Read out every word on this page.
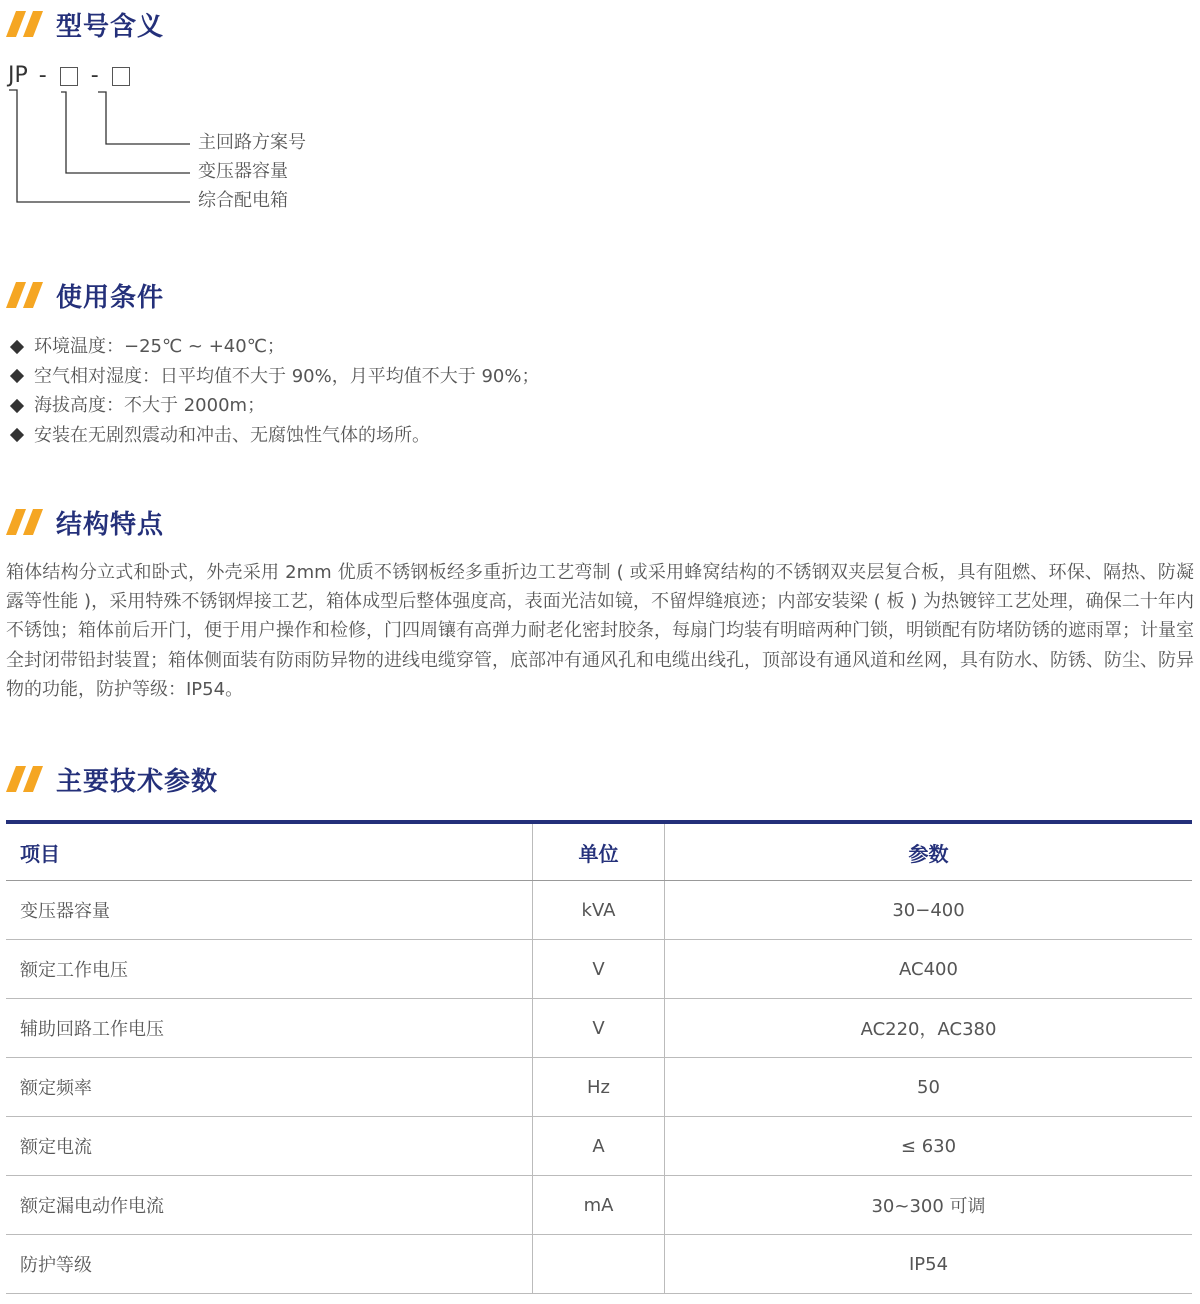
型号含义
JP - -
主回路方案号
变压器容量
综合配电箱
使用条件
环境温度：−25℃ ~ +40℃；
空气相对湿度：日平均值不大于 90%，月平均值不大于 90%；
海拔高度：不大于 2000m；
安装在无剧烈震动和冲击、无腐蚀性气体的场所。
结构特点

箱体结构分立式和卧式，外壳采用 2mm 优质不锈钢板经多重折边工艺弯制 ( 或采用蜂窝结构的不锈钢双夹层复合板，具有阻燃、环保、隔热、防凝露等性能 )，采用特殊不锈钢焊接工艺，箱体成型后整体强度高，表面光洁如镜，不留焊缝痕迹；内部安装梁 ( 板 ) 为热镀锌工艺处理，确保二十年内不锈蚀；箱体前后开门，便于用户操作和检修，门四周镶有高弹力耐老化密封胶条，每扇门均装有明暗两种门锁，明锁配有防堵防锈的遮雨罩；计量室全封闭带铅封装置；箱体侧面装有防雨防异物的进线电缆穿管，底部冲有通风孔和电缆出线孔，顶部设有通风道和丝网，具有防水、防锈、防尘、防异物的功能，防护等级：IP54。

主要技术参数
项目	单位	参数
变压器容量	kVA	30−400
额定工作电压	V	AC400
辅助回路工作电压	V	AC220，AC380
额定频率	Hz	50
额定电流	A	≤ 630
额定漏电动作电流	mA	30~300 可调
防护等级		IP54
